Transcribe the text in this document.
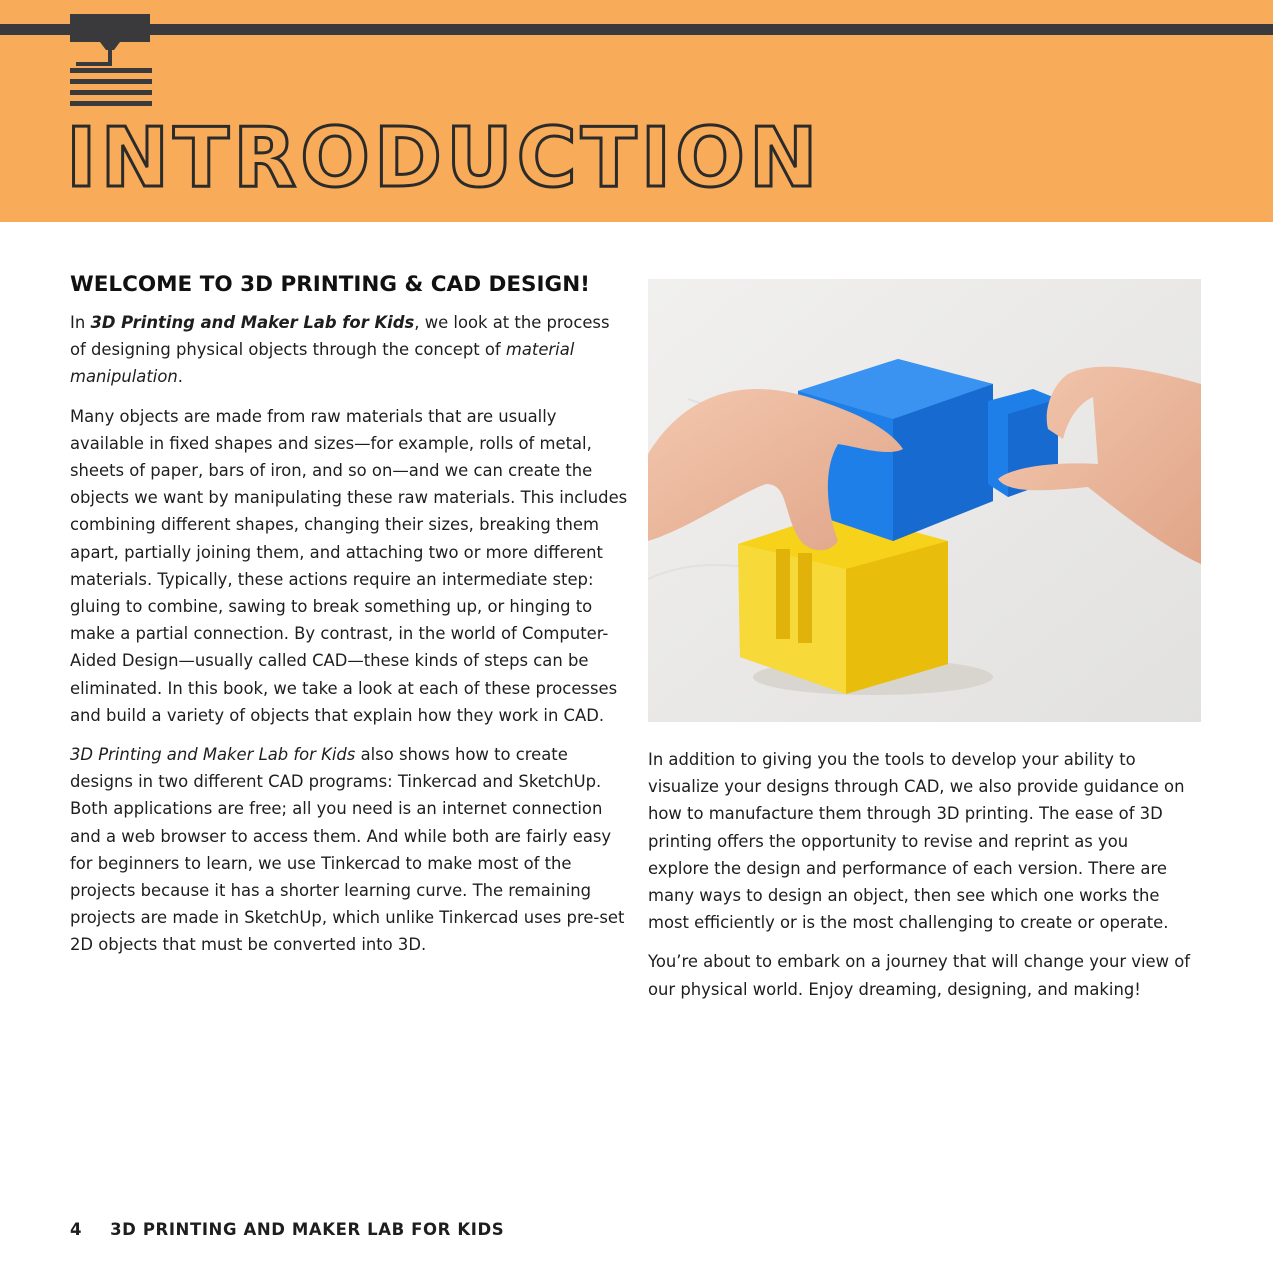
INTRODUCTION
WELCOME TO 3D PRINTING & CAD DESIGN!

In 3D Printing and Maker Lab for Kids, we look at the process of designing physical objects through the concept of material manipulation.

Many objects are made from raw materials that are usually available in fixed shapes and sizes—for example, rolls of metal, sheets of paper, bars of iron, and so on—and we can create the objects we want by manipulating these raw materials. This includes combining different shapes, changing their sizes, breaking them apart, partially joining them, and attaching two or more different materials. Typically, these actions require an intermediate step: gluing to combine, sawing to break something up, or hinging to make a partial connection. By contrast, in the world of Computer-Aided Design—usually called CAD—these kinds of steps can be eliminated. In this book, we take a look at each of these processes and build a variety of objects that explain how they work in CAD.

3D Printing and Maker Lab for Kids also shows how to create designs in two different CAD programs: Tinkercad and SketchUp. Both applications are free; all you need is an internet connection and a web browser to access them. And while both are fairly easy for beginners to learn, we use Tinkercad to make most of the projects because it has a shorter learning curve. The remaining projects are made in SketchUp, which unlike Tinkercad uses pre-set 2D objects that must be converted into 3D.

In addition to giving you the tools to develop your ability to visualize your designs through CAD, we also provide guidance on how to manufacture them through 3D printing. The ease of 3D printing offers the opportunity to revise and reprint as you explore the design and performance of each version. There are many ways to design an object, then see which one works the most efficiently or is the most challenging to create or operate.

You’re about to embark on a journey that will change your view of our physical world. Enjoy dreaming, designing, and making!

4 3D PRINTING AND MAKER LAB FOR KIDS
